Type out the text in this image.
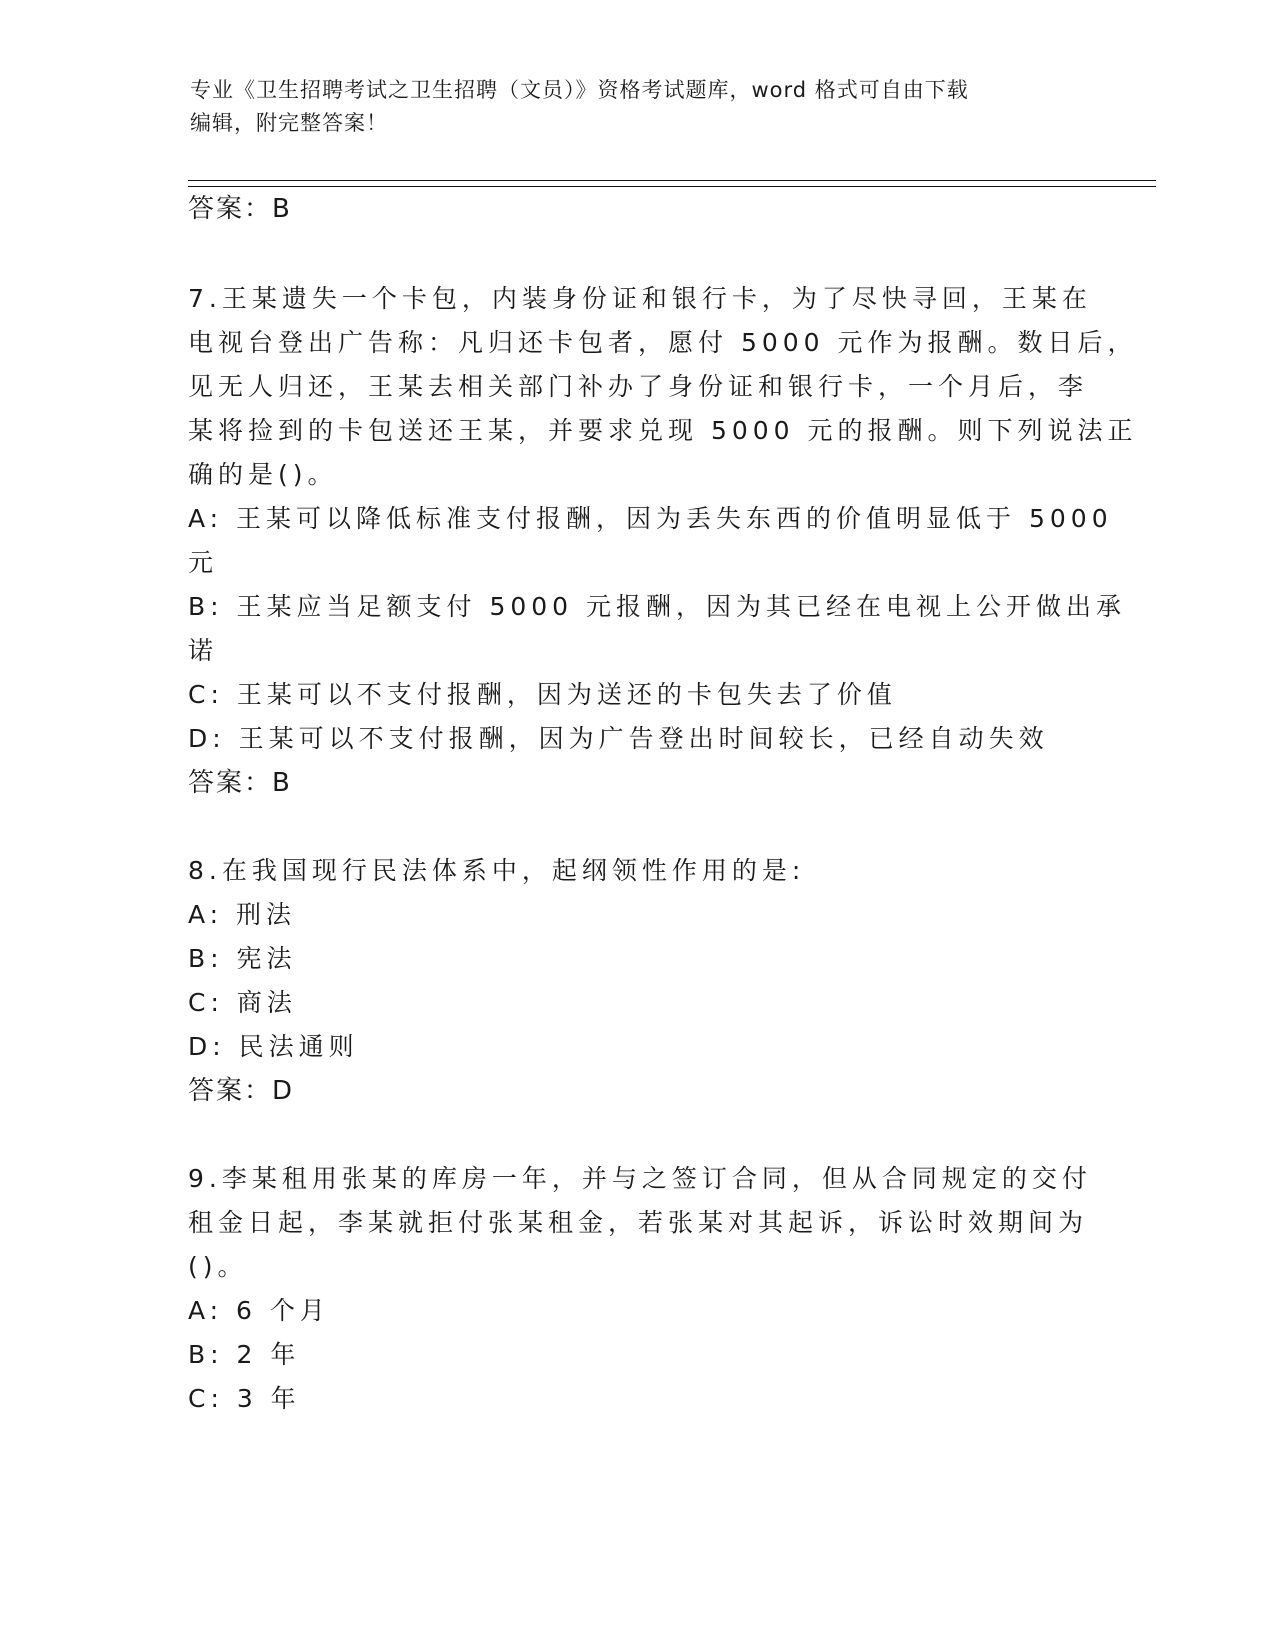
专业《卫生招聘考试之卫生招聘（文员）》资格考试题库，word 格式可自由下载
编辑，附完整答案！
答案：B
7.王某遗失一个卡包，内装身份证和银行卡，为了尽快寻回，王某在
电视台登出广告称：凡归还卡包者，愿付 5000 元作为报酬。数日后，
见无人归还，王某去相关部门补办了身份证和银行卡，一个月后，李
某将捡到的卡包送还王某，并要求兑现 5000 元的报酬。则下列说法正
确的是()。
A: 王某可以降低标准支付报酬，因为丢失东西的价值明显低于 5000
元
B: 王某应当足额支付 5000 元报酬，因为其已经在电视上公开做出承
诺
C: 王某可以不支付报酬，因为送还的卡包失去了价值
D: 王某可以不支付报酬，因为广告登出时间较长，已经自动失效
答案：B
8.在我国现行民法体系中，起纲领性作用的是:
A: 刑法
B: 宪法
C: 商法
D: 民法通则
答案：D
9.李某租用张某的库房一年，并与之签订合同，但从合同规定的交付
租金日起，李某就拒付张某租金，若张某对其起诉，诉讼时效期间为
()。
A: 6 个月
B: 2 年
C: 3 年
